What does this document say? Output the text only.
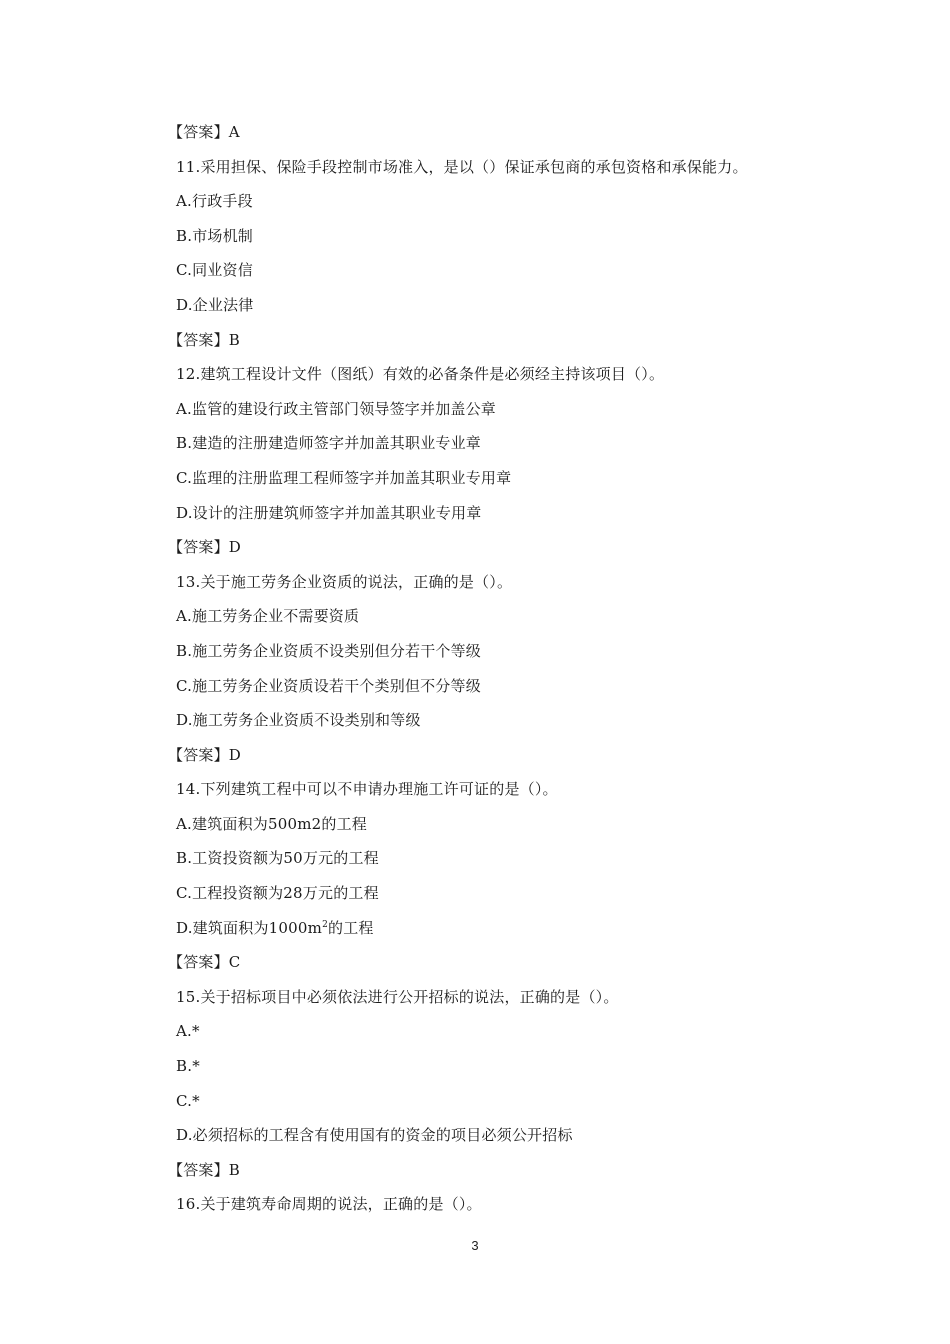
【答案】A
11.采用担保、保险手段控制市场准入，是以（）保证承包商的承包资格和承保能力。
A.行政手段
B.市场机制
C.同业资信
D.企业法律
【答案】B
12.建筑工程设计文件（图纸）有效的必备条件是必须经主持该项目（）。
A.监管的建设行政主管部门领导签字并加盖公章
B.建造的注册建造师签字并加盖其职业专业章
C.监理的注册监理工程师签字并加盖其职业专用章
D.设计的注册建筑师签字并加盖其职业专用章
【答案】D
13.关于施工劳务企业资质的说法，正确的是（）。
A.施工劳务企业不需要资质
B.施工劳务企业资质不设类别但分若干个等级
C.施工劳务企业资质设若干个类别但不分等级
D.施工劳务企业资质不设类别和等级
【答案】D
14.下列建筑工程中可以不申请办理施工许可证的是（）。
A.建筑面积为500m2的工程
B.工资投资额为50万元的工程
C.工程投资额为28万元的工程
D.建筑面积为$1000m^2$的工程
【答案】C
15.关于招标项目中必须依法进行公开招标的说法，正确的是（）。
A.*
B.*
C.*
D.必须招标的工程含有使用国有的资金的项目必须公开招标
【答案】B
16.关于建筑寿命周期的说法，正确的是（）。
3
